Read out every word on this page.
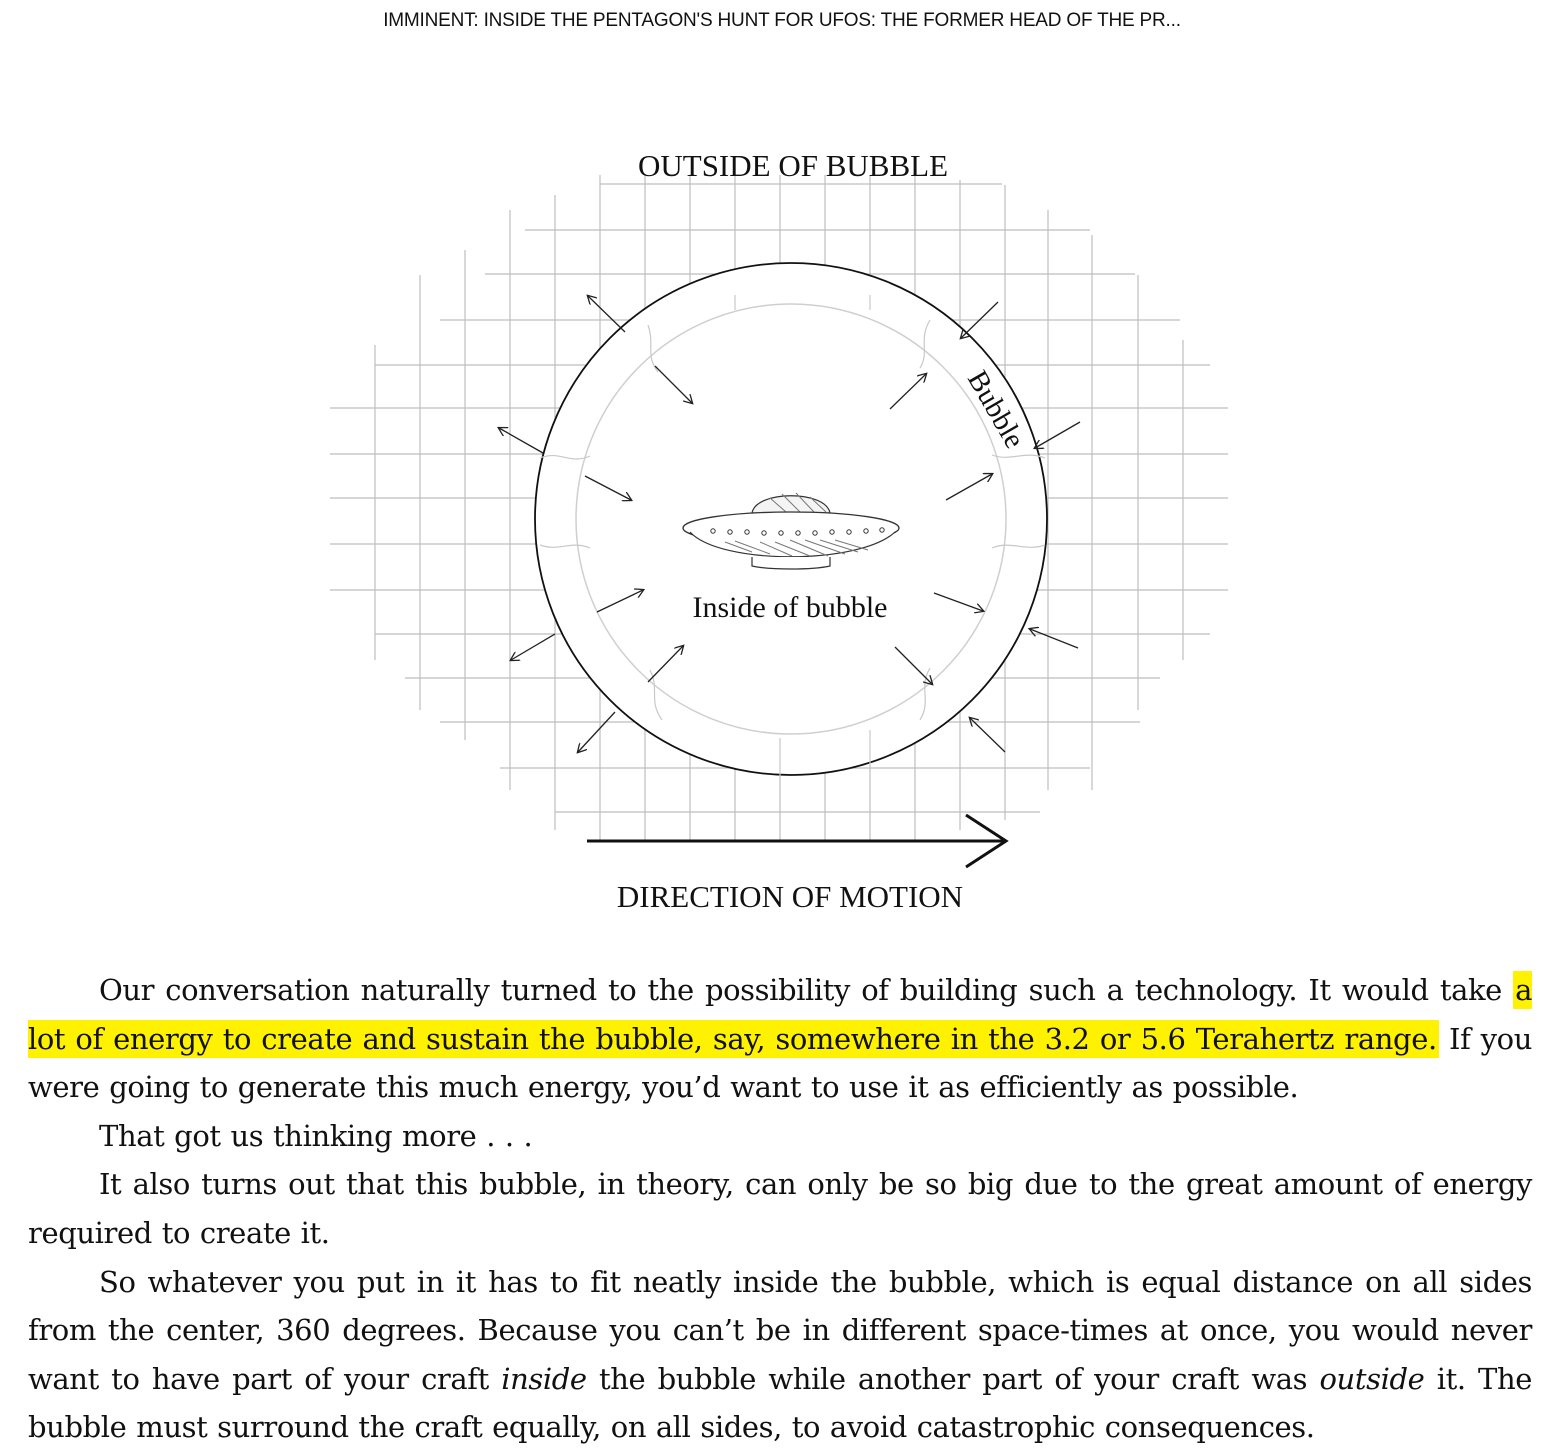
IMMINENT: INSIDE THE PENTAGON'S HUNT FOR UFOS: THE FORMER HEAD OF THE PR...
OUTSIDE OF BUBBLE
Inside of bubble
Bubble
DIRECTION OF MOTION

Our conversation naturally turned to the possibility of building such a technology. It would take a lot of energy to create and sustain the bubble, say, somewhere in the 3.2 or 5.6 Terahertz range. If you were going to generate this much energy, you’d want to use it as efficiently as possible.

That got us thinking more . . .

It also turns out that this bubble, in theory, can only be so big due to the great amount of energy required to create it.

So whatever you put in it has to fit neatly inside the bubble, which is equal distance on all sides from the center, 360 degrees. Because you can’t be in different space-times at once, you would never want to have part of your craft inside the bubble while another part of your craft was outside it. The bubble must surround the craft equally, on all sides, to avoid catastrophic consequences.
